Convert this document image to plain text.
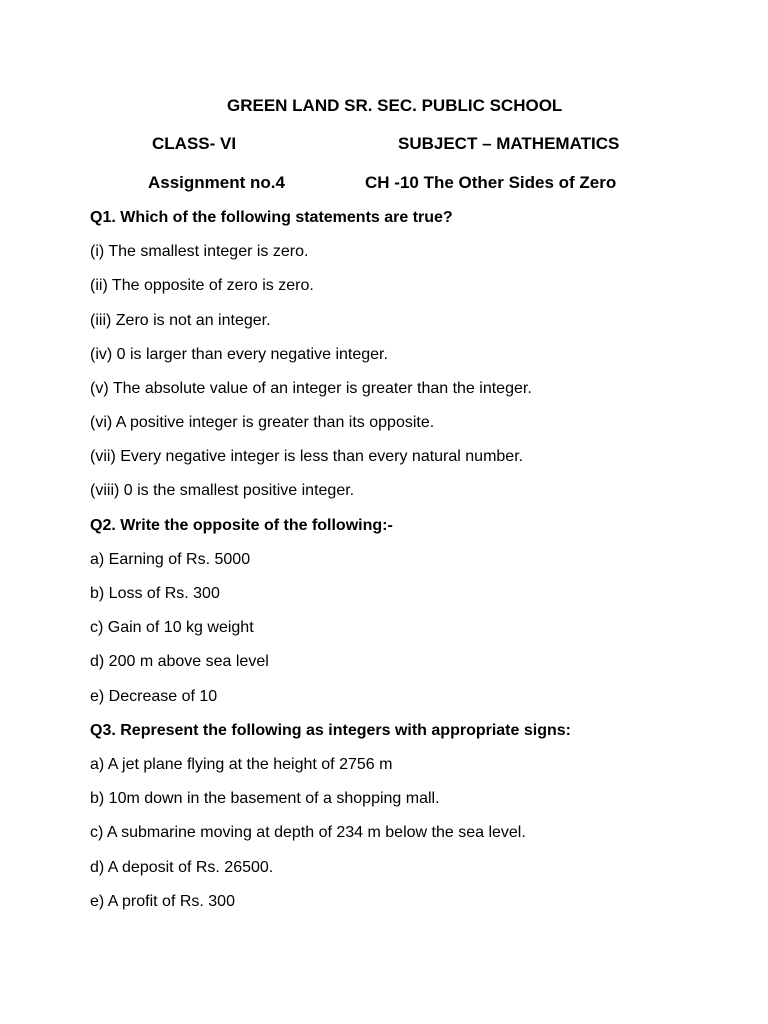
GREEN LAND SR. SEC. PUBLIC SCHOOL
CLASS- VI	SUBJECT – MATHEMATICS
Assignment no.4	CH -10 The Other Sides of Zero
Q1. Which of the following statements are true?
(i) The smallest integer is zero.
(ii) The opposite of zero is zero.
(iii) Zero is not an integer.
(iv) 0 is larger than every negative integer.
(v) The absolute value of an integer is greater than the integer.
(vi) A positive integer is greater than its opposite.
(vii) Every negative integer is less than every natural number.
(viii) 0 is the smallest positive integer.
Q2. Write the opposite of the following:-
a) Earning of Rs. 5000
b) Loss of Rs. 300
c) Gain of 10 kg weight
d) 200 m above sea level
e) Decrease of 10
Q3. Represent the following as integers with appropriate signs:
a) A jet plane flying at the height of 2756 m
b) 10m down in the basement of a shopping mall.
c) A submarine moving at depth of 234 m below the sea level.
d) A deposit of Rs. 26500.
e) A profit of Rs. 300
